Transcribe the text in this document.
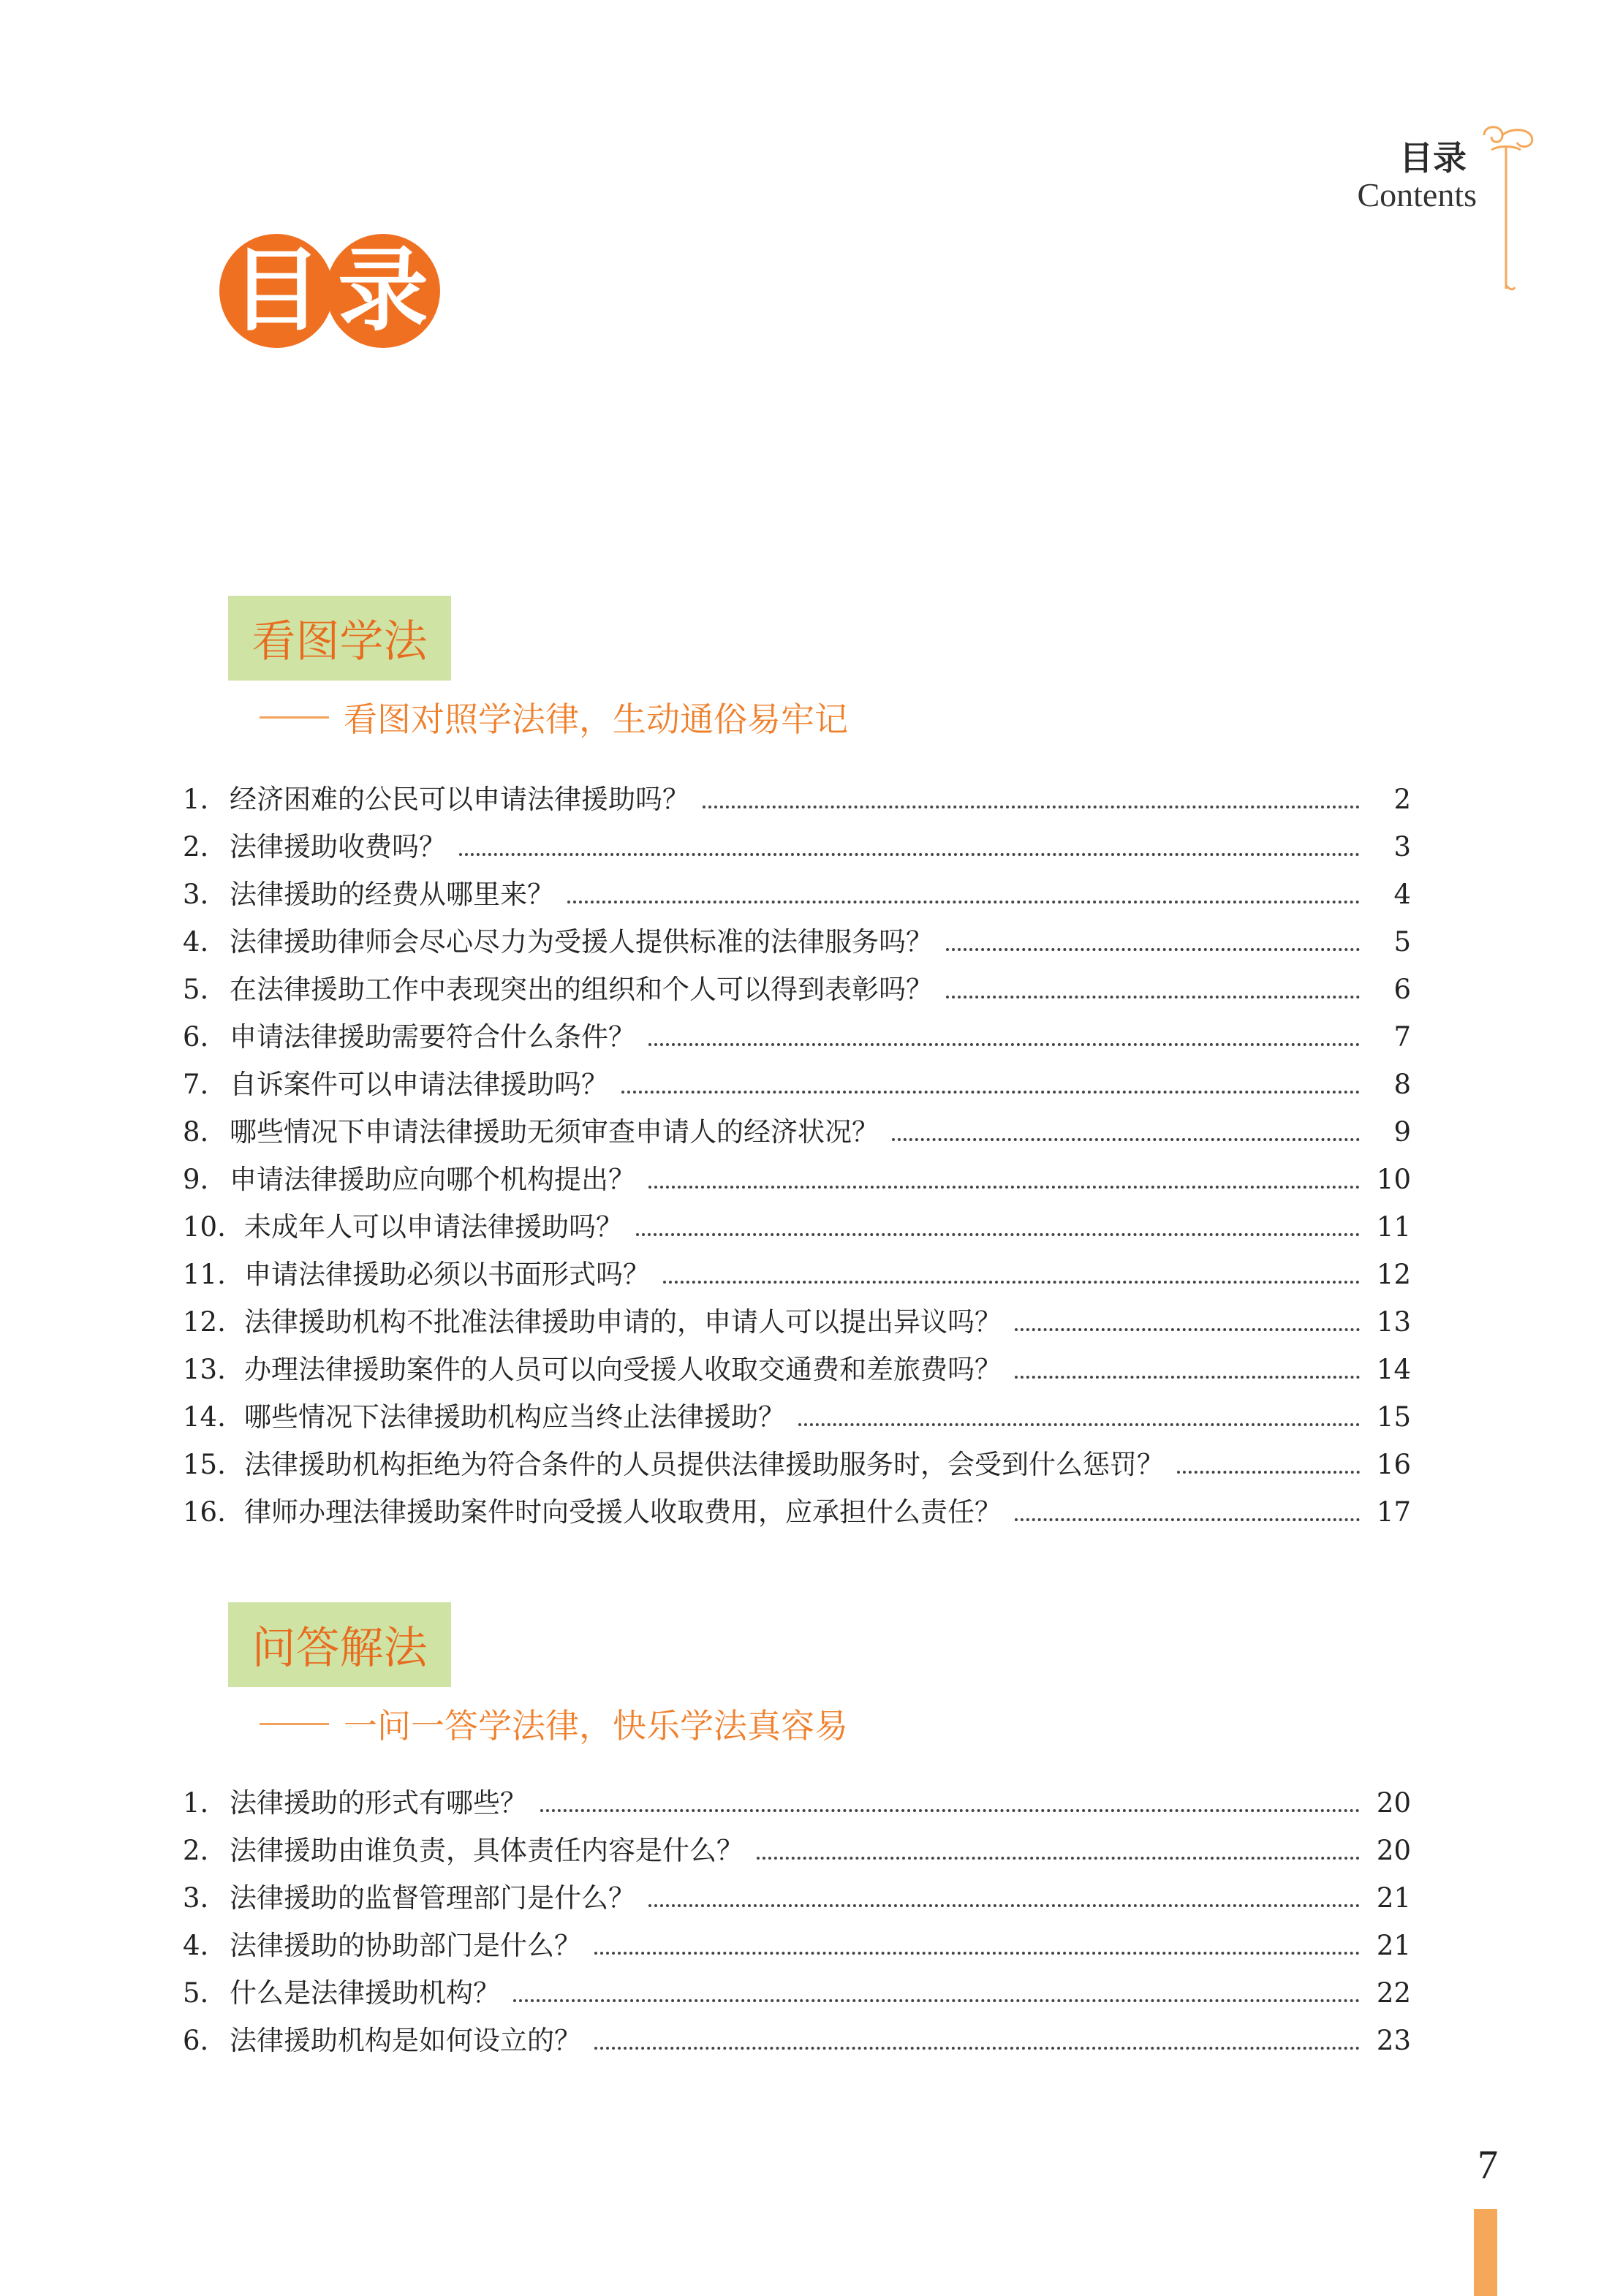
目录
Contents
目 录
看图学法
看图对照学法律，生动通俗易牢记
1. 经济困难的公民可以申请法律援助吗？	2
2. 法律援助收费吗？	3
3. 法律援助的经费从哪里来？	4
4. 法律援助律师会尽心尽力为受援人提供标准的法律服务吗？	5
5. 在法律援助工作中表现突出的组织和个人可以得到表彰吗？	6
6. 申请法律援助需要符合什么条件？	7
7. 自诉案件可以申请法律援助吗？	8
8. 哪些情况下申请法律援助无须审查申请人的经济状况？	9
9. 申请法律援助应向哪个机构提出？	10
10. 未成年人可以申请法律援助吗？	11
11. 申请法律援助必须以书面形式吗？	12
12. 法律援助机构不批准法律援助申请的，申请人可以提出异议吗？	13
13. 办理法律援助案件的人员可以向受援人收取交通费和差旅费吗？	14
14. 哪些情况下法律援助机构应当终止法律援助？	15
15. 法律援助机构拒绝为符合条件的人员提供法律援助服务时，会受到什么惩罚？	16
16. 律师办理法律援助案件时向受援人收取费用，应承担什么责任？	17
问答解法
一问一答学法律，快乐学法真容易
1. 法律援助的形式有哪些？	20
2. 法律援助由谁负责，具体责任内容是什么？	20
3. 法律援助的监督管理部门是什么？	21
4. 法律援助的协助部门是什么？	21
5. 什么是法律援助机构？	22
6. 法律援助机构是如何设立的？	23
7
